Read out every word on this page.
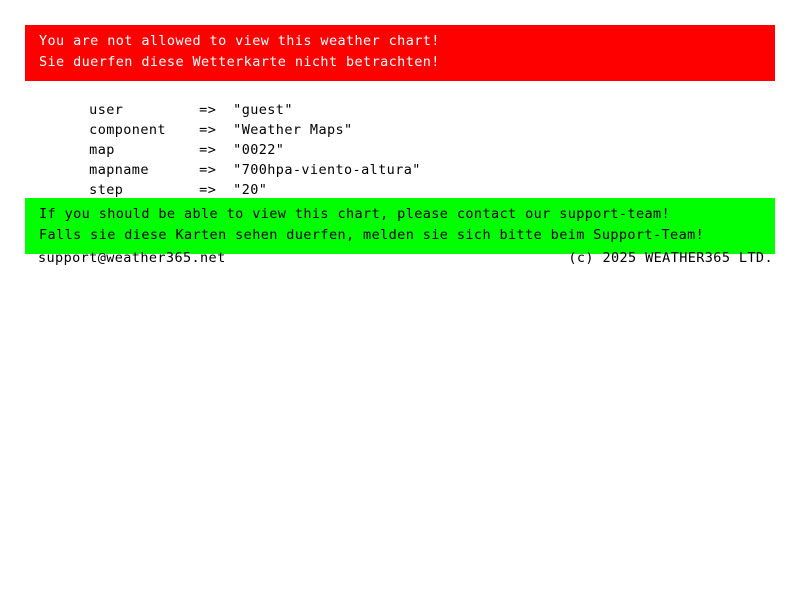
You are not allowed to view this weather chart!
Sie duerfen diese Wetterkarte nicht betrachten!

user	=> "guest"

component => "Weather Maps"

map	=> "0022"

mapname	=> "700hpa-viento-altura"

step	=> "20"

If you should be able to view this chart, please contact our support-team!
Falls sie diese Karten sehen duerfen, melden sie sich bitte beim Support-Team!
support@weather365.net	(c) 2025 WEATHER365 LTD.
